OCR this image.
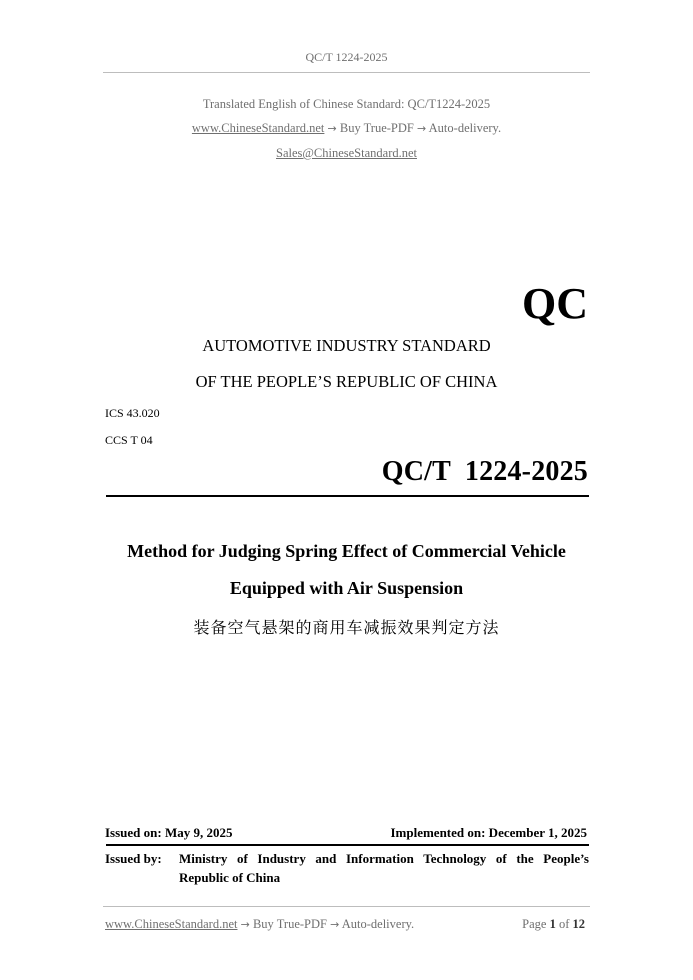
QC/T 1224-2025
Translated English of Chinese Standard: QC/T1224-2025
www.ChineseStandard.net → Buy True-PDF → Auto-delivery.
Sales@ChineseStandard.net
QC
AUTOMOTIVE INDUSTRY STANDARD
OF THE PEOPLE’S REPUBLIC OF CHINA
ICS 43.020
CCS T 04
QC/T  1224-2025
Method for Judging Spring Effect of Commercial Vehicle
Equipped with Air Suspension
装备空气悬架的商用车减振效果判定方法
Issued on: May 9, 2025	Implemented on: December 1, 2025
Issued by: Ministry of Industry and Information Technology of the People’s
Republic of China
www.ChineseStandard.net → Buy True-PDF → Auto-delivery.	Page 1 of 12
